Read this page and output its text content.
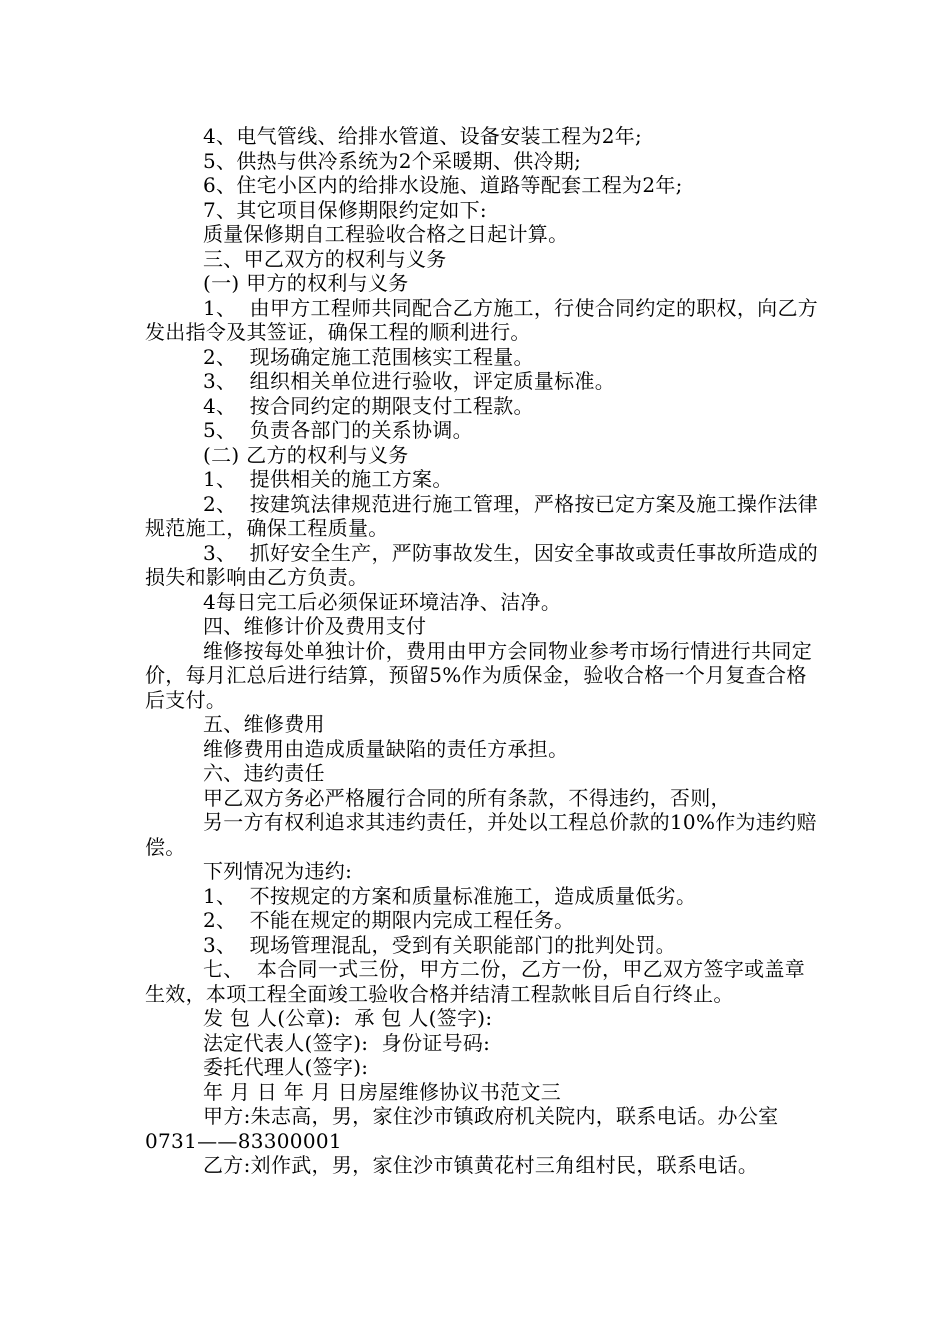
4、电气管线、给排水管道、设备安装工程为2年;

5、供热与供冷系统为2个采暖期、供冷期;

6、住宅小区内的给排水设施、道路等配套工程为2年;

7、其它项目保修期限约定如下:

质量保修期自工程验收合格之日起计算。

三、甲乙双方的权利与义务

(一) 甲方的权利与义务

1、  由甲方工程师共同配合乙方施工，行使合同约定的职权，向乙方发出指令及其签证，确保工程的顺利进行。

2、  现场确定施工范围核实工程量。

3、  组织相关单位进行验收，评定质量标准。

4、  按合同约定的期限支付工程款。

5、  负责各部门的关系协调。

(二) 乙方的权利与义务

1、  提供相关的施工方案。

2、  按建筑法律规范进行施工管理，严格按已定方案及施工操作法律规范施工，确保工程质量。

3、  抓好安全生产，严防事故发生，因安全事故或责任事故所造成的损失和影响由乙方负责。

4每日完工后必须保证环境洁净、洁净。

四、维修计价及费用支付

维修按每处单独计价，费用由甲方会同物业参考市场行情进行共同定价，每月汇总后进行结算，预留5%作为质保金，验收合格一个月复查合格后支付。

五、维修费用

维修费用由造成质量缺陷的责任方承担。

六、违约责任

甲乙双方务必严格履行合同的所有条款，不得违约，否则，

另一方有权利追求其违约责任，并处以工程总价款的10%作为违约赔偿。

下列情况为违约:

1、  不按规定的方案和质量标准施工，造成质量低劣。

2、  不能在规定的期限内完成工程任务。

3、  现场管理混乱，受到有关职能部门的批判处罚。

七、  本合同一式三份，甲方二份，乙方一份，甲乙双方签字或盖章生效，本项工程全面竣工验收合格并结清工程款帐目后自行终止。

发 包 人(公章):  承 包 人(签字):

法定代表人(签字):  身份证号码:

委托代理人(签字):

年 月 日 年 月 日房屋维修协议书范文三

甲方:朱志高，男，家住沙市镇政府机关院内，联系电话。办公室0731——83300001

乙方:刘作武，男，家住沙市镇黄花村三角组村民，联系电话。
